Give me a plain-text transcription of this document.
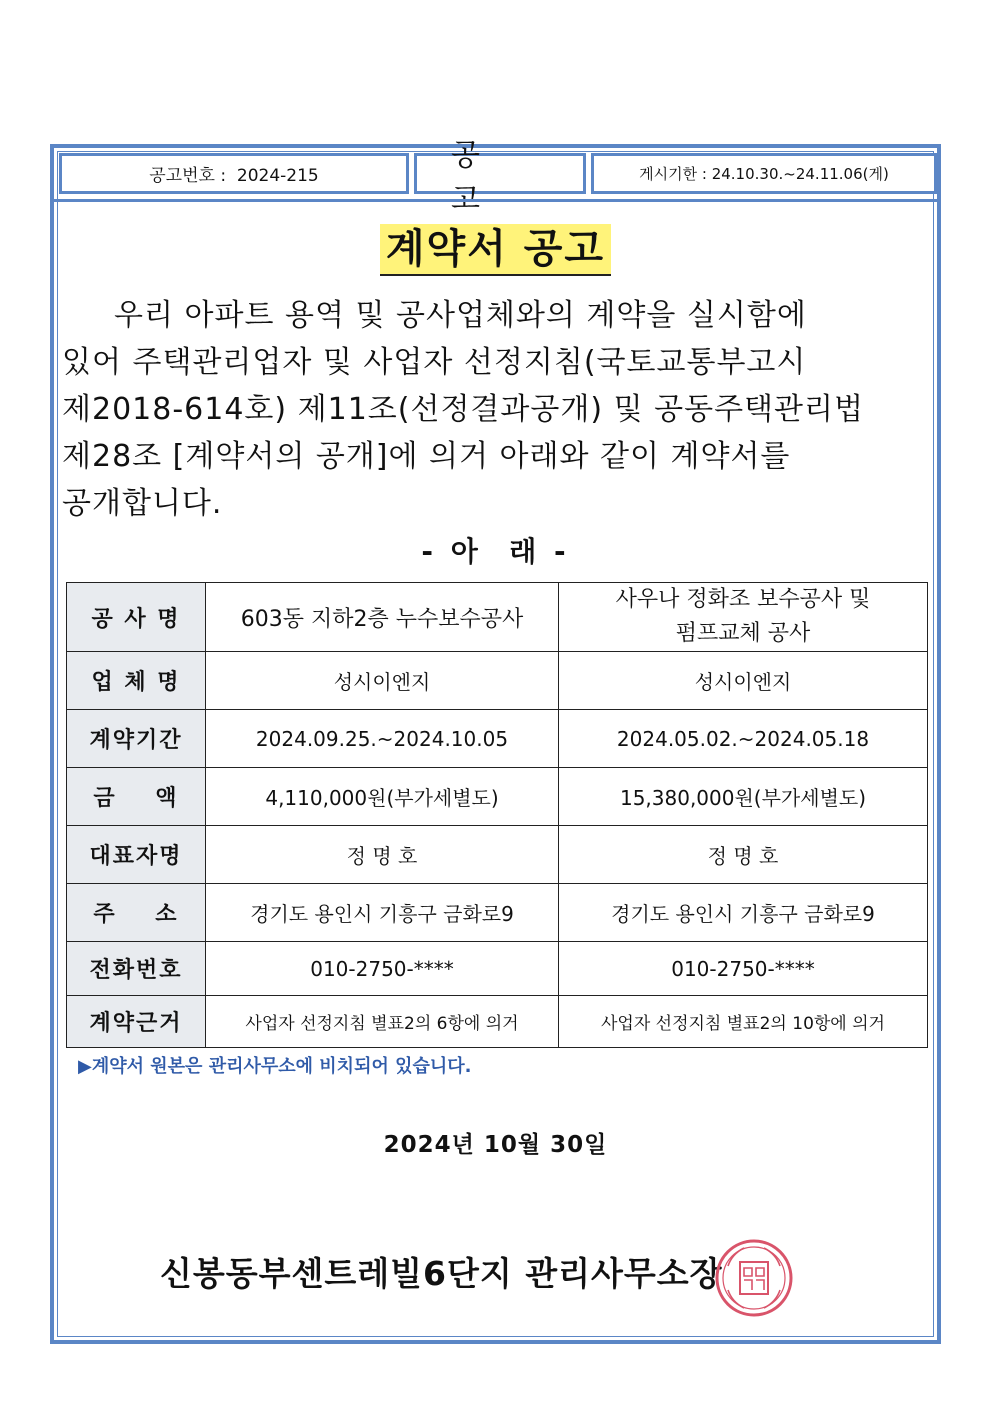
공고번호 :  2024-215
공 고
게시기한 : 24.10.30.~24.11.06(게)
계약서 공고

우리 아파트 용역 및 공사업체와의 계약을 실시함에

있어 주택관리업자 및 사업자 선정지침(국토교통부고시

제2018-614호) 제11조(선정결과공개) 및 공동주택관리법

제28조 [계약서의 공개]에 의거 아래와 같이 계약서를

공개합니다.

- 아  래 -
공 사 명	603동 지하2층 누수보수공사	사우나 정화조 보수공사 및 펌프교체 공사

업 체 명	성시이엔지	성시이엔지
계약기간	2024.09.25.~2024.10.05	2024.05.02.~2024.05.18
금    액	4,110,000원(부가세별도)	15,380,000원(부가세별도)
대표자명	정 명 호	정 명 호
주    소	경기도 용인시 기흥구 금화로9	경기도 용인시 기흥구 금화로9
전화번호	010-2750-****	010-2750-****
계약근거	사업자 선정지침 별표2의 6항에 의거	사업자 선정지침 별표2의 10항에 의거
▶계약서 원본은 관리사무소에 비치되어 있습니다.
2024년 10월 30일
신봉동부센트레빌6단지 관리사무소장
